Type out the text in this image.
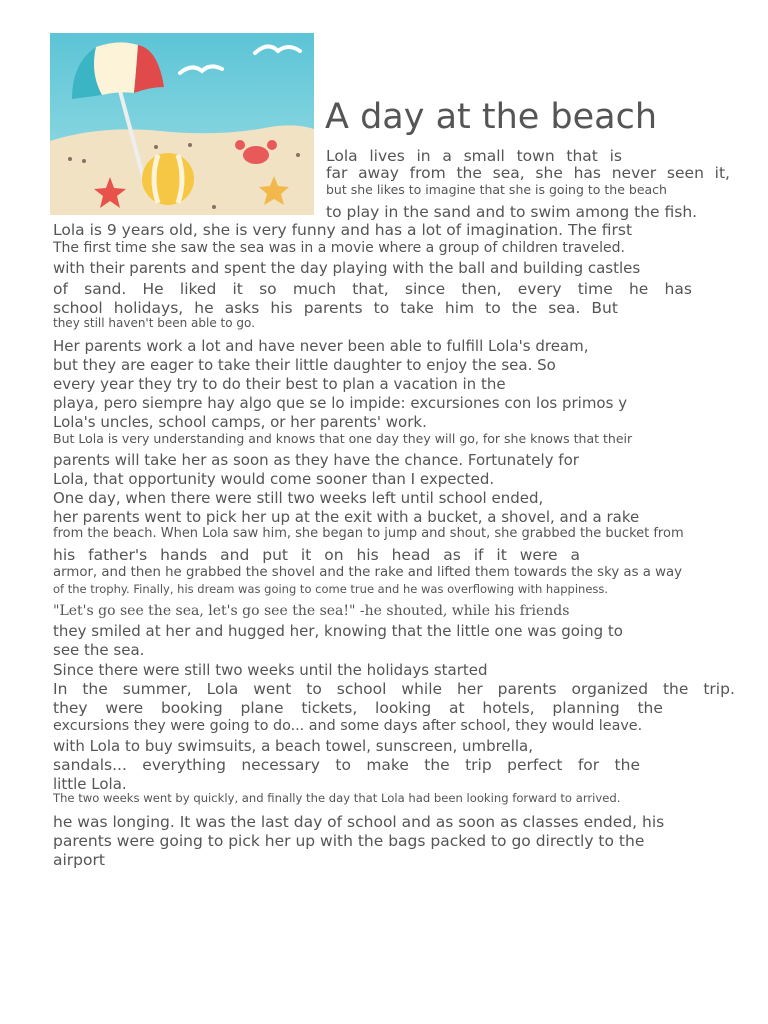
A day at the beach
Lola lives in a small town that is
far away from the sea, she has never seen it,
but she likes to imagine that she is going to the beach
to play in the sand and to swim among the fish.
Lola is 9 years old, she is very funny and has a lot of imagination. The first
The first time she saw the sea was in a movie where a group of children traveled.
with their parents and spent the day playing with the ball and building castles
of sand. He liked it so much that, since then, every time he has
school holidays, he asks his parents to take him to the sea. But
they still haven't been able to go.
Her parents work a lot and have never been able to fulfill Lola's dream,
but they are eager to take their little daughter to enjoy the sea. So
every year they try to do their best to plan a vacation in the
playa, pero siempre hay algo que se lo impide: excursiones con los primos y
Lola's uncles, school camps, or her parents' work.
But Lola is very understanding and knows that one day they will go, for she knows that their
parents will take her as soon as they have the chance. Fortunately for
Lola, that opportunity would come sooner than I expected.
One day, when there were still two weeks left until school ended,
her parents went to pick her up at the exit with a bucket, a shovel, and a rake
from the beach. When Lola saw him, she began to jump and shout, she grabbed the bucket from
his father's hands and put it on his head as if it were a
armor, and then he grabbed the shovel and the rake and lifted them towards the sky as a way
of the trophy. Finally, his dream was going to come true and he was overflowing with happiness.
"Let's go see the sea, let's go see the sea!" -he shouted, while his friends
they smiled at her and hugged her, knowing that the little one was going to
see the sea.
Since there were still two weeks until the holidays started
In the summer, Lola went to school while her parents organized the trip.
they were booking plane tickets, looking at hotels, planning the
excursions they were going to do... and some days after school, they would leave.
with Lola to buy swimsuits, a beach towel, sunscreen, umbrella,
sandals... everything necessary to make the trip perfect for the
little Lola.
The two weeks went by quickly, and finally the day that Lola had been looking forward to arrived.
he was longing. It was the last day of school and as soon as classes ended, his
parents were going to pick her up with the bags packed to go directly to the
airport
